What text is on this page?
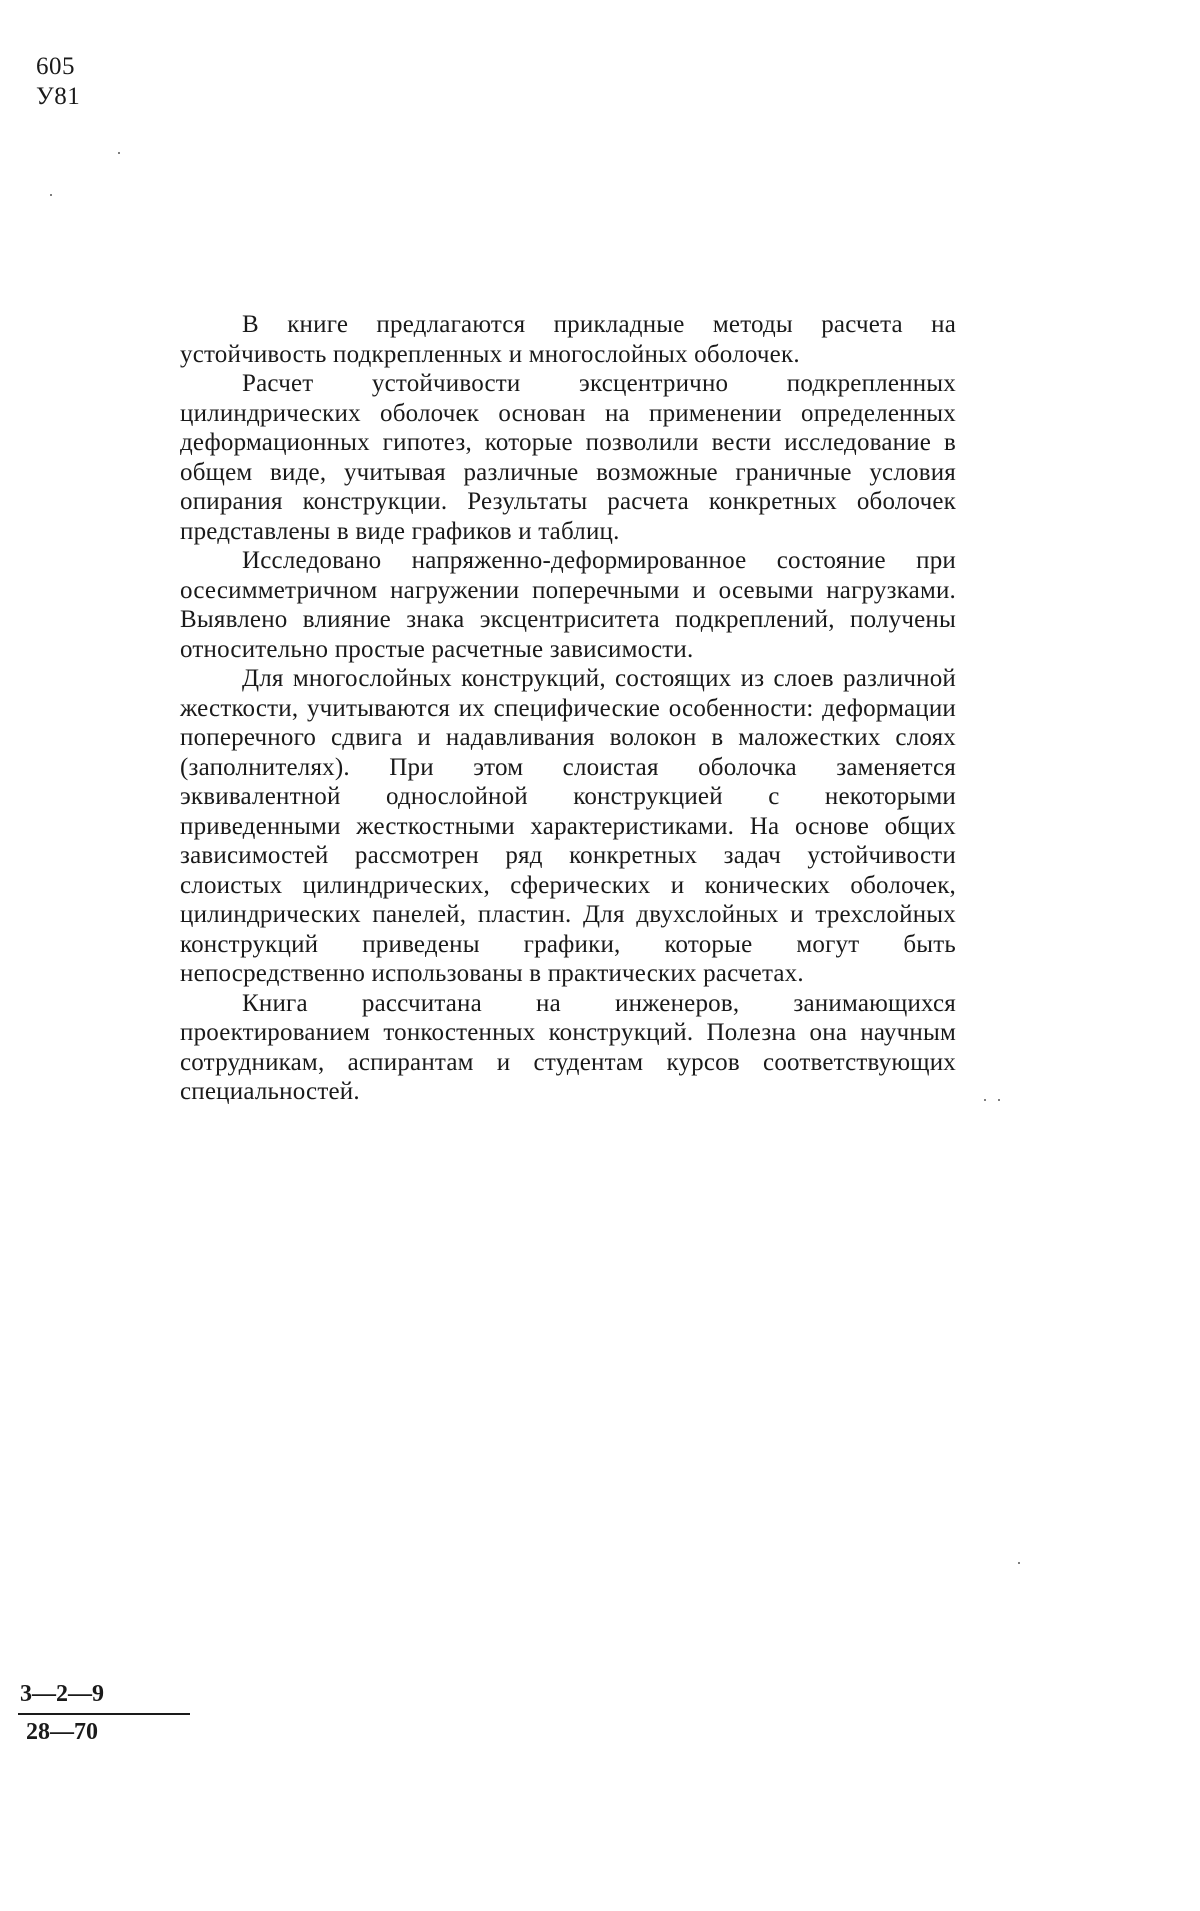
605
У81

В книге предлагаются прикладные методы расчета на устойчивость подкрепленных и многослойных оболочек.

Расчет устойчивости эксцентрично подкрепленных цилиндрических оболочек основан на применении определенных деформационных гипотез, которые позволили вести исследование в общем виде, учитывая различные возможные граничные условия опирания конструкции. Результаты расчета конкретных оболочек представлены в виде графиков и таблиц.

Исследовано напряженно-деформированное состояние при осесимметричном нагружении поперечными и осевыми нагрузками. Выявлено влияние знака эксцентриситета подкреплений, получены относительно простые расчетные зависимости.

Для многослойных конструкций, состоящих из слоев различной жесткости, учитываются их специфические особенности: деформации поперечного сдвига и надавливания волокон в маложестких слоях (заполнителях). При этом слоистая оболочка заменяется эквивалентной однослойной конструкцией с некоторыми приведенными жесткостными характеристиками. На основе общих зависимостей рассмотрен ряд конкретных задач устойчивости слоистых цилиндрических, сферических и конических оболочек, цилиндрических панелей, пластин. Для двухслойных и трехслойных конструкций приведены графики, которые могут быть непосредственно использованы в практических расчетах.

Книга рассчитана на инженеров, занимающихся проектированием тонкостенных конструкций. Полезна она научным сотрудникам, аспирантам и студентам курсов соответствующих специальностей.

$\frac{3—2—9}{28—70}$
